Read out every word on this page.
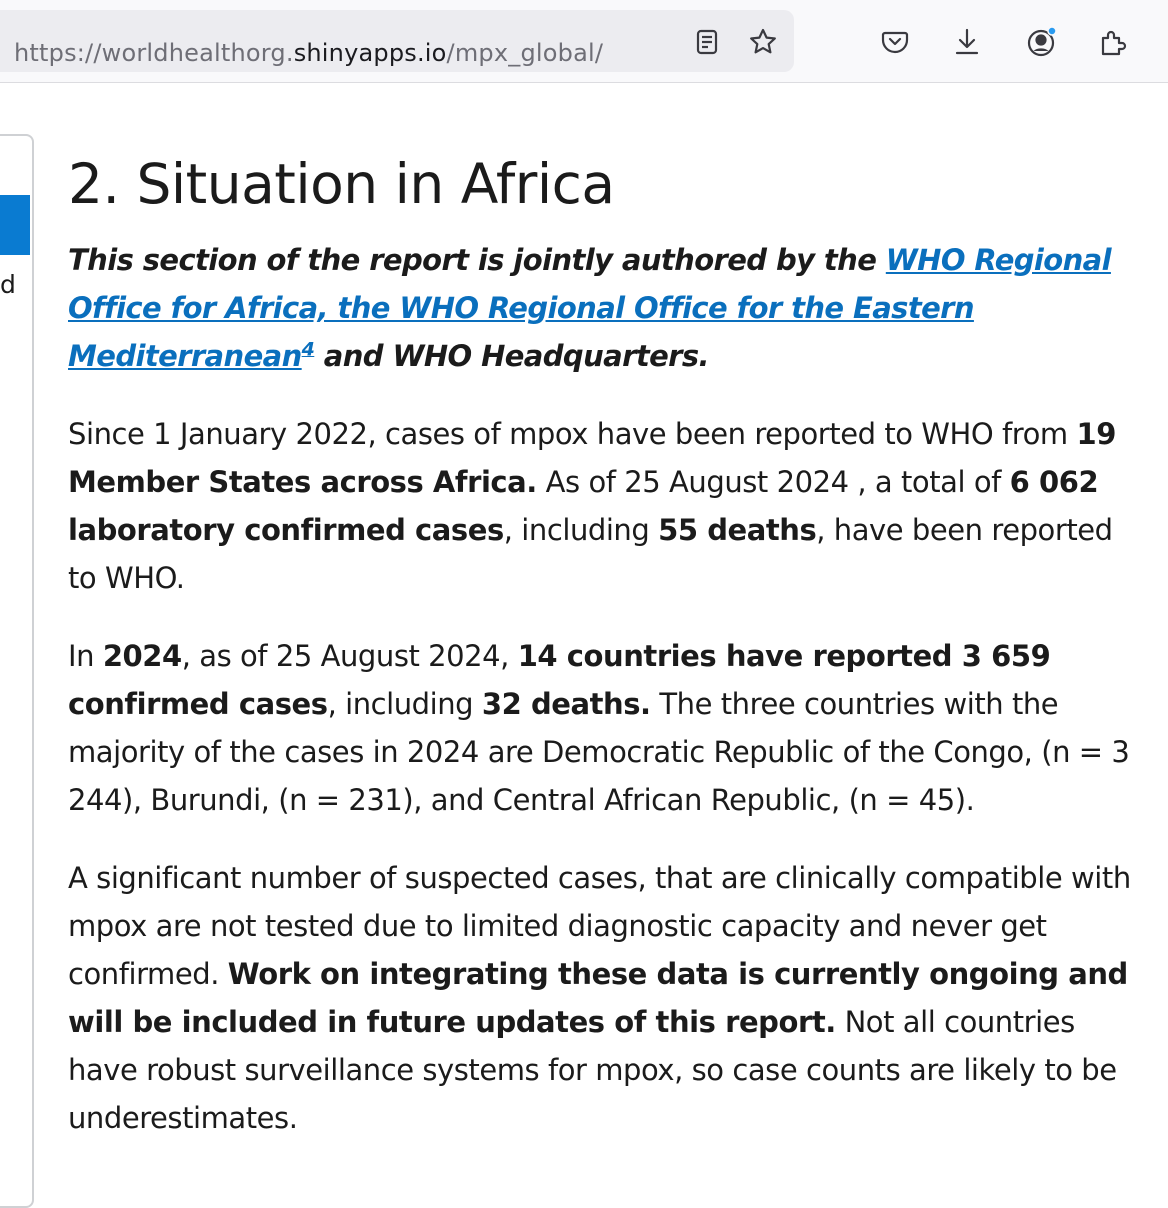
https://worldhealthorg.shinyapps.io/mpx_global/
d
2. Situation in Africa

This section of the report is jointly authored by the WHO Regional Office for Africa, the WHO Regional Office for the Eastern Mediterranean$^4$ and WHO Headquarters.

Since 1 January 2022, cases of mpox have been reported to WHO from 19 Member States across Africa. As of 25 August 2024 , a total of 6 062 laboratory confirmed cases, including 55 deaths, have been reported to WHO.

In 2024, as of 25 August 2024, 14 countries have reported 3 659 confirmed cases, including 32 deaths. The three countries with the majority of the cases in 2024 are Democratic Republic of the Congo, (n = 3 244), Burundi, (n = 231), and Central African Republic, (n = 45).

A significant number of suspected cases, that are clinically compatible with mpox are not tested due to limited diagnostic capacity and never get confirmed. Work on integrating these data is currently ongoing and will be included in future updates of this report. Not all countries have robust surveillance systems for mpox, so case counts are likely to be underestimates.
